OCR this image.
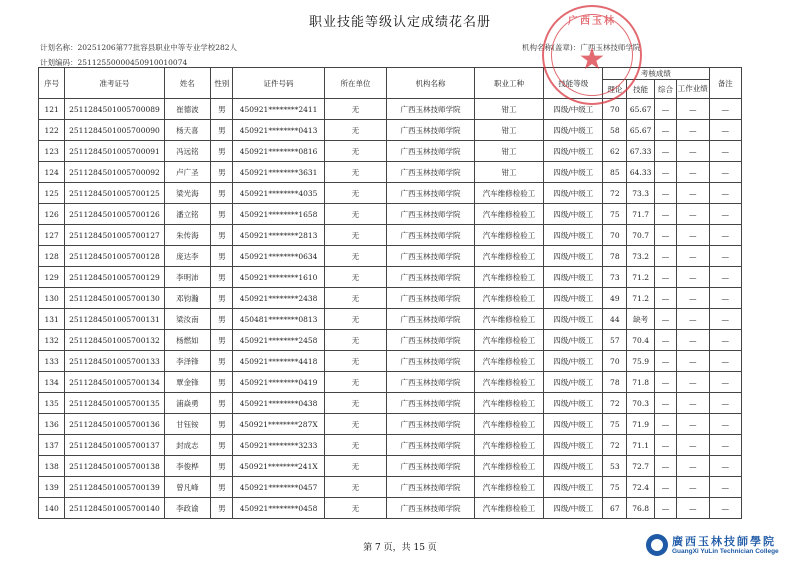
职业技能等级认定成绩花名册
计划名称：20251206第77批容县职业中等专业学校282人
计划编码：25112550000450910010074
机构名称(盖章)：广西玉林技师学院
序号	准考证号	姓名	性别	证件号码	所在单位	机构名称	职业工种	技能等级	考核成绩				备注
									理论	技能	综合	工作业绩	
121	2511284501005700089	崔德波	男	450921********2411	无	广西玉林技师学院	钳工	四级/中级工	70	65.67	—	—	—
122	2511284501005700090	杨天喜	男	450921********0413	无	广西玉林技师学院	钳工	四级/中级工	58	65.67	—	—	—
123	2511284501005700091	冯远铭	男	450921********0816	无	广西玉林技师学院	钳工	四级/中级工	62	67.33	—	—	—
124	2511284501005700092	卢广圣	男	450921********3631	无	广西玉林技师学院	钳工	四级/中级工	85	64.33	—	—	—
125	2511284501005700125	梁光海	男	450921********4035	无	广西玉林技师学院	汽车维修检验工	四级/中级工	72	73.3	—	—	—
126	2511284501005700126	潘立铭	男	450921********1658	无	广西玉林技师学院	汽车维修检验工	四级/中级工	75	71.7	—	—	—
127	2511284501005700127	朱传海	男	450921********2813	无	广西玉林技师学院	汽车维修检验工	四级/中级工	70	70.7	—	—	—
128	2511284501005700128	庞达李	男	450921********0634	无	广西玉林技师学院	汽车维修检验工	四级/中级工	78	73.2	—	—	—
129	2511284501005700129	李明沛	男	450921********1610	无	广西玉林技师学院	汽车维修检验工	四级/中级工	73	71.2	—	—	—
130	2511284501005700130	邓钧瀚	男	450921********2438	无	广西玉林技师学院	汽车维修检验工	四级/中级工	49	71.2	—	—	—
131	2511284501005700131	梁汝南	男	450481********0813	无	广西玉林技师学院	汽车维修检验工	四级/中级工	44	缺考	—	—	—
132	2511284501005700132	杨燃如	男	450921********2458	无	广西玉林技师学院	汽车维修检验工	四级/中级工	57	70.4	—	—	—
133	2511284501005700133	李泽锋	男	450921********4418	无	广西玉林技师学院	汽车维修检验工	四级/中级工	70	75.9	—	—	—
134	2511284501005700134	覃金锋	男	450921********0419	无	广西玉林技师学院	汽车维修检验工	四级/中级工	78	71.8	—	—	—
135	2511284501005700135	浦焱勇	男	450921********0438	无	广西玉林技师学院	汽车维修检验工	四级/中级工	72	70.3	—	—	—
136	2511284501005700136	甘钰铵	男	450921********287X	无	广西玉林技师学院	汽车维修检验工	四级/中级工	75	71.9	—	—	—
137	2511284501005700137	封成志	男	450921********3233	无	广西玉林技师学院	汽车维修检验工	四级/中级工	72	71.1	—	—	—
138	2511284501005700138	李俊桦	男	450921********241X	无	广西玉林技师学院	汽车维修检验工	四级/中级工	53	72.7	—	—	—
139	2511284501005700139	曾凡峰	男	450921********0457	无	广西玉林技师学院	汽车维修检验工	四级/中级工	75	72.4	—	—	—
140	2511284501005700140	李政谕	男	450921********0458	无	广西玉林技师学院	汽车维修检验工	四级/中级工	67	76.8	—	—	—
广西玉林
★
第 7 页，共 15 页	廣西玉林技師學院
GuangXi YuLin Technician College
